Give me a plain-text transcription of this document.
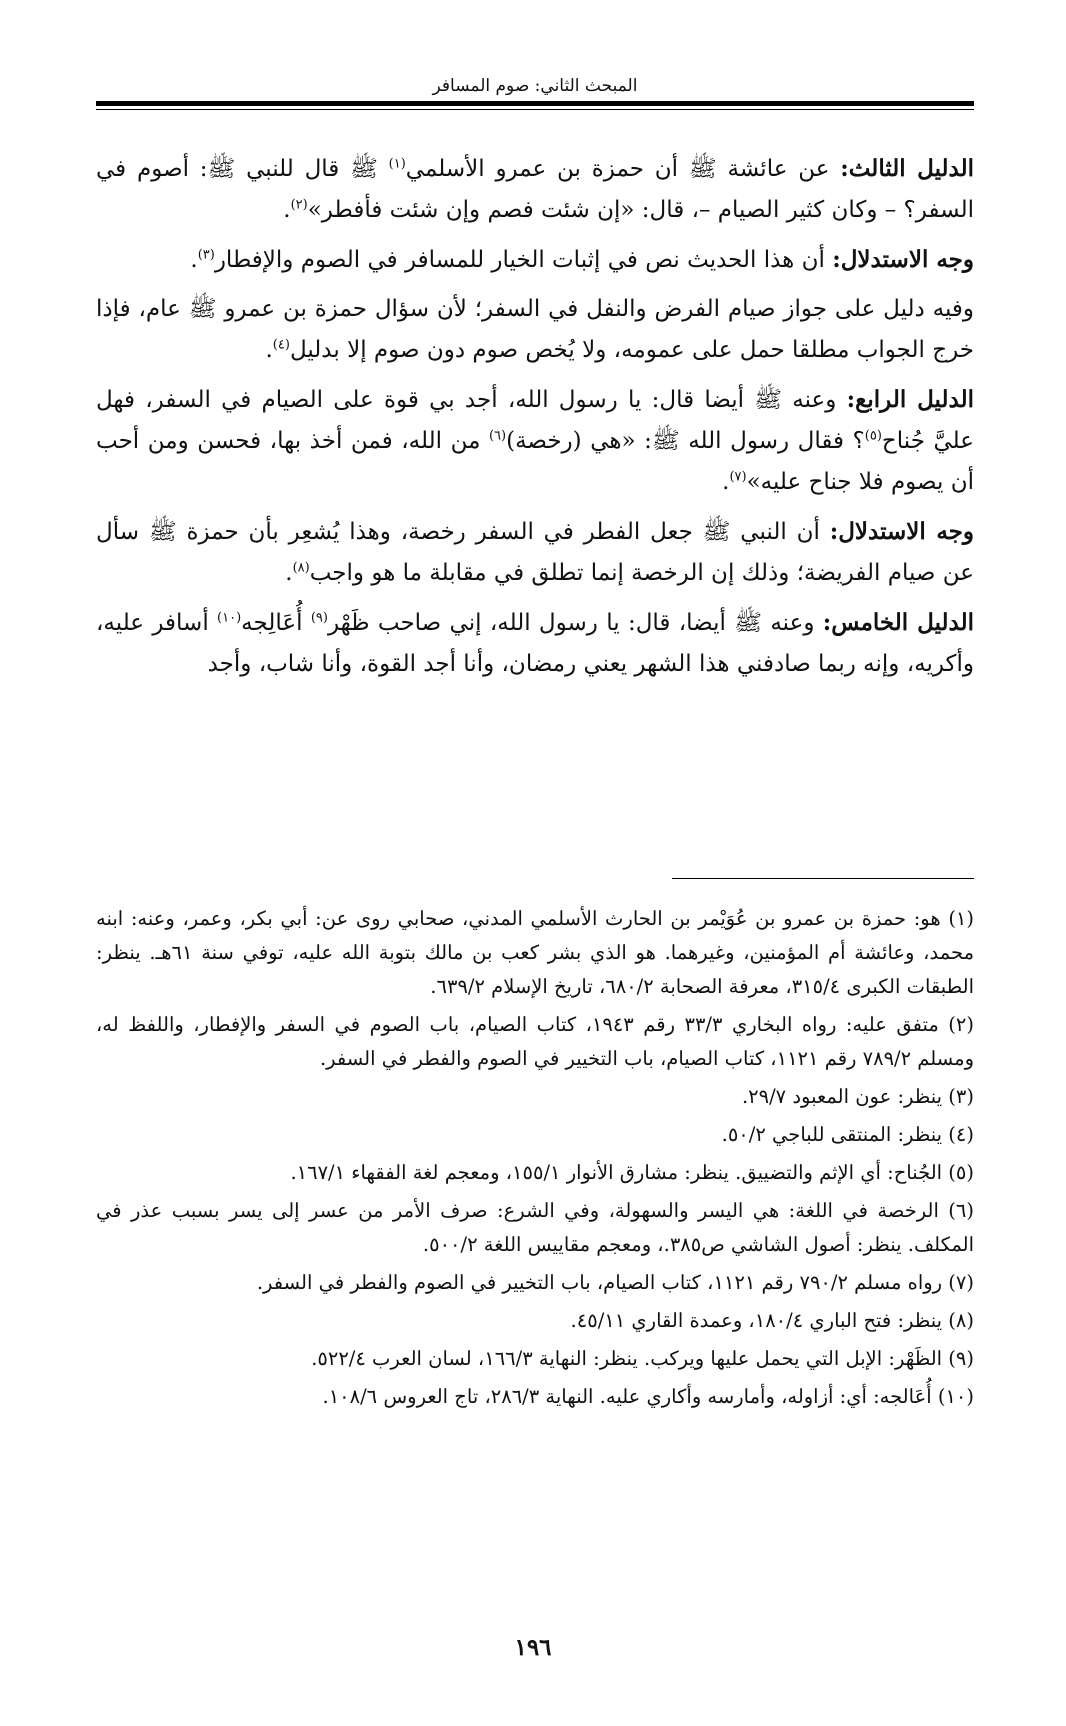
المبحث الثاني: صوم المسافر

الدليل الثالث: عن عائشة ﷺ أن حمزة بن عمرو الأسلمي$^{(١)}$ ﷺ قال للنبي ﷺ: أصوم في السفر؟ – وكان كثير الصيام –، قال: «إن شئت فصم وإن شئت فأفطر»$^{(٢)}$.

وجه الاستدلال: أن هذا الحديث نص في إثبات الخيار للمسافر في الصوم والإفطار$^{(٣)}$.

وفيه دليل على جواز صيام الفرض والنفل في السفر؛ لأن سؤال حمزة بن عمرو ﷺ عام، فإذا خرج الجواب مطلقا حمل على عمومه، ولا يُخص صوم دون صوم إلا بدليل$^{(٤)}$.

الدليل الرابع: وعنه ﷺ أيضا قال: يا رسول الله، أجد بي قوة على الصيام في السفر، فهل عليَّ جُناح$^{(٥)}$؟ فقال رسول الله ﷺ: «هي (رخصة)$^{(٦)}$ من الله، فمن أخذ بها، فحسن ومن أحب أن يصوم فلا جناح عليه»$^{(٧)}$.

وجه الاستدلال: أن النبي ﷺ جعل الفطر في السفر رخصة، وهذا يُشعِر بأن حمزة ﷺ سأل عن صيام الفريضة؛ وذلك إن الرخصة إنما تطلق في مقابلة ما هو واجب$^{(٨)}$.

الدليل الخامس: وعنه ﷺ أيضا، قال: يا رسول الله، إني صاحب ظَهْر$^{(٩)}$ أُعَالِجه$^{(١٠)}$ أسافر عليه، وأكريه، وإنه ربما صادفني هذا الشهر يعني رمضان، وأنا أجد القوة، وأنا شاب، وأجد

(١) هو: حمزة بن عمرو بن عُوَيْمر بن الحارث الأسلمي المدني، صحابي روى عن: أبي بكر، وعمر، وعنه: ابنه محمد، وعائشة أم المؤمنين، وغيرهما. هو الذي بشر كعب بن مالك بتوبة الله عليه، توفي سنة ٦١هـ. ينظر: الطبقات الكبرى ٣١٥/٤، معرفة الصحابة ٦٨٠/٢، تاريخ الإسلام ٦٣٩/٢.

(٢) متفق عليه: رواه البخاري ٣٣/٣ رقم ١٩٤٣، كتاب الصيام، باب الصوم في السفر والإفطار، واللفظ له، ومسلم ٧٨٩/٢ رقم ١١٢١، كتاب الصيام، باب التخيير في الصوم والفطر في السفر.

(٣) ينظر: عون المعبود ٢٩/٧.

(٤) ينظر: المنتقى للباجي ٥٠/٢.

(٥) الجُناح: أي الإثم والتضييق. ينظر: مشارق الأنوار ١٥٥/١، ومعجم لغة الفقهاء ١٦٧/١.

(٦) الرخصة في اللغة: هي اليسر والسهولة، وفي الشرع: صرف الأمر من عسر إلى يسر بسبب عذر في المكلف. ينظر: أصول الشاشي ص٣٨٥.، ومعجم مقاييس اللغة ٥٠٠/٢.

(٧) رواه مسلم ٧٩٠/٢ رقم ١١٢١، كتاب الصيام، باب التخيير في الصوم والفطر في السفر.

(٨) ينظر: فتح الباري ١٨٠/٤، وعمدة القاري ٤٥/١١.

(٩) الظَهْر: الإبل التي يحمل عليها ويركب. ينظر: النهاية ١٦٦/٣، لسان العرب ٥٢٢/٤.

(١٠) أُعَالجه: أي: أزاوله، وأمارسه وأكاري عليه. النهاية ٢٨٦/٣، تاج العروس ١٠٨/٦.

١٩٦
